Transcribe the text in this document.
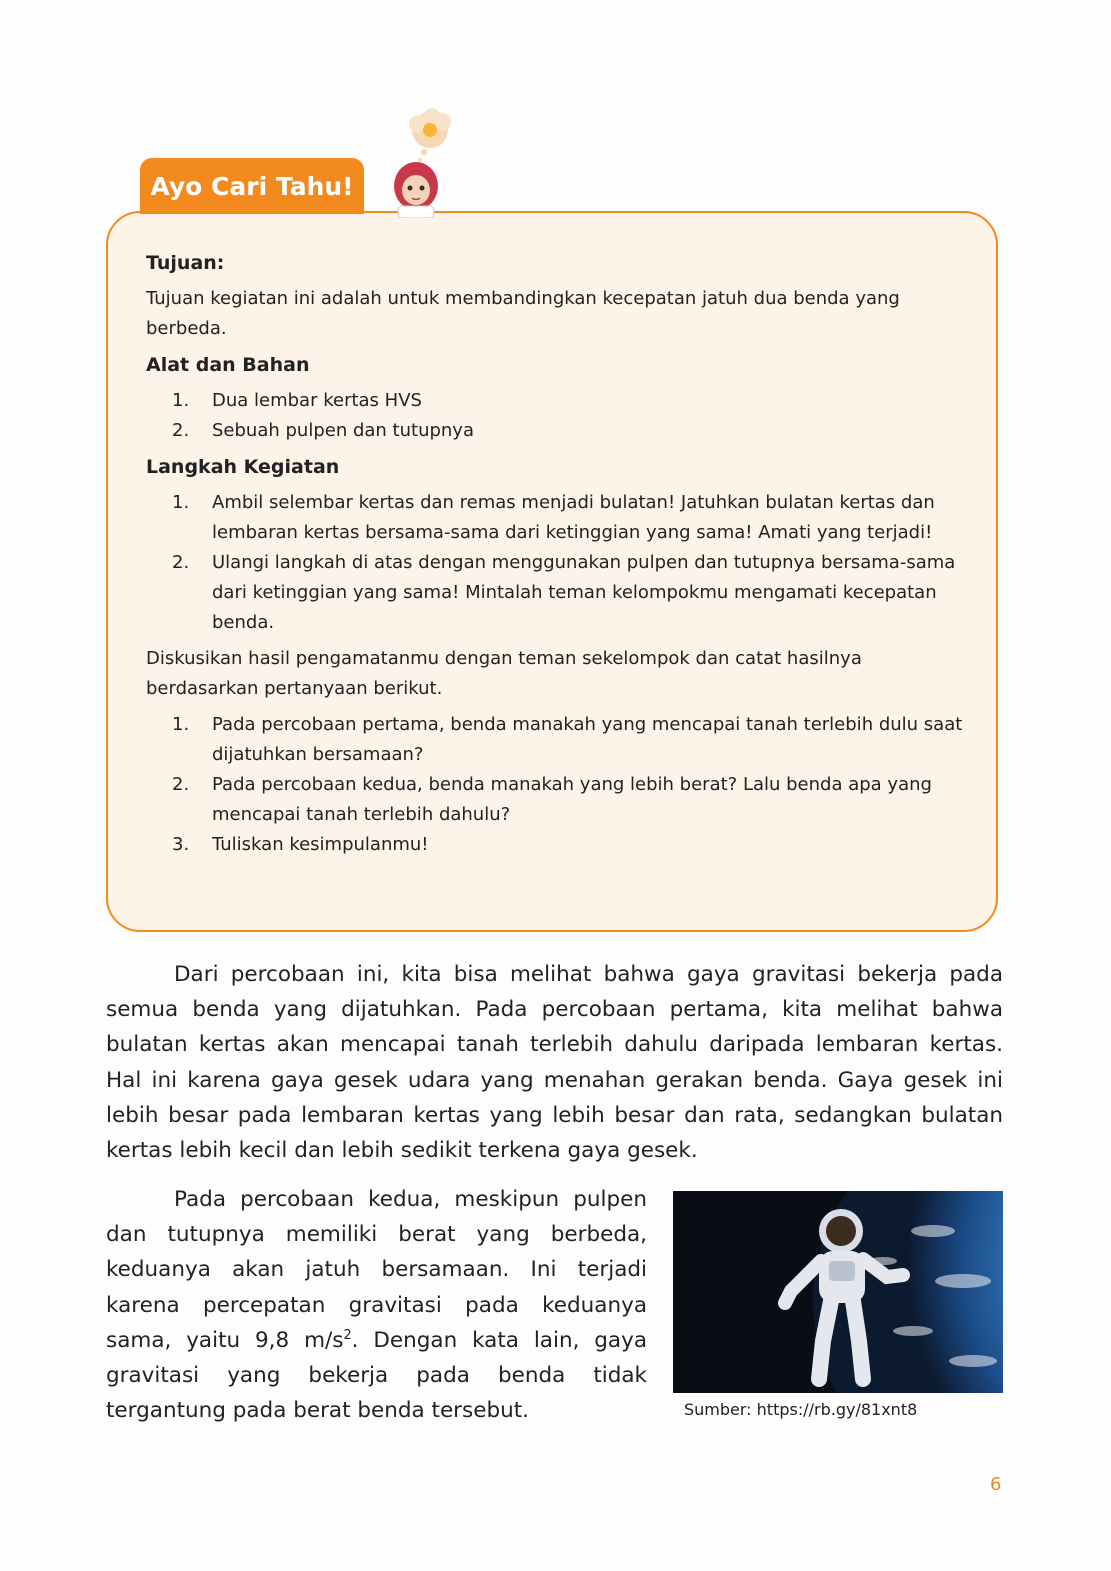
Ayo Cari Tahu!

Tujuan:

Tujuan kegiatan ini adalah untuk membandingkan kecepatan jatuh dua benda yang berbeda.

Alat dan Bahan

1. Dua lembar kertas HVS
2. Sebuah pulpen dan tutupnya

Langkah Kegiatan

1. Ambil selembar kertas dan remas menjadi bulatan! Jatuhkan bulatan kertas dan lembaran kertas bersama-sama dari ketinggian yang sama! Amati yang terjadi!
2. Ulangi langkah di atas dengan menggunakan pulpen dan tutupnya bersama-sama dari ketinggian yang sama! Mintalah teman kelompokmu mengamati kecepatan benda.

Diskusikan hasil pengamatanmu dengan teman sekelompok dan catat hasilnya berdasarkan pertanyaan berikut.

1. Pada percobaan pertama, benda manakah yang mencapai tanah terlebih dulu saat dijatuhkan bersamaan?
2. Pada percobaan kedua, benda manakah yang lebih berat? Lalu benda apa yang mencapai tanah terlebih dahulu?
3. Tuliskan kesimpulanmu!

Dari percobaan ini, kita bisa melihat bahwa gaya gravitasi bekerja pada semua benda yang dijatuhkan. Pada percobaan pertama, kita melihat bahwa bulatan kertas akan mencapai tanah terlebih dahulu daripada lembaran kertas. Hal ini karena gaya gesek udara yang menahan gerakan benda. Gaya gesek ini lebih besar pada lembaran kertas yang lebih besar dan rata, sedangkan bulatan kertas lebih kecil dan lebih sedikit terkena gaya gesek.

Pada percobaan kedua, meskipun pulpen dan tutupnya memiliki berat yang berbeda, keduanya akan jatuh bersamaan. Ini terjadi karena percepatan gravitasi pada keduanya sama, yaitu 9,8 $m/s^2$. Dengan kata lain, gaya gravitasi yang bekerja pada benda tidak tergantung pada berat benda tersebut.	Sumber: https://rb.gy/81xnt8
6
